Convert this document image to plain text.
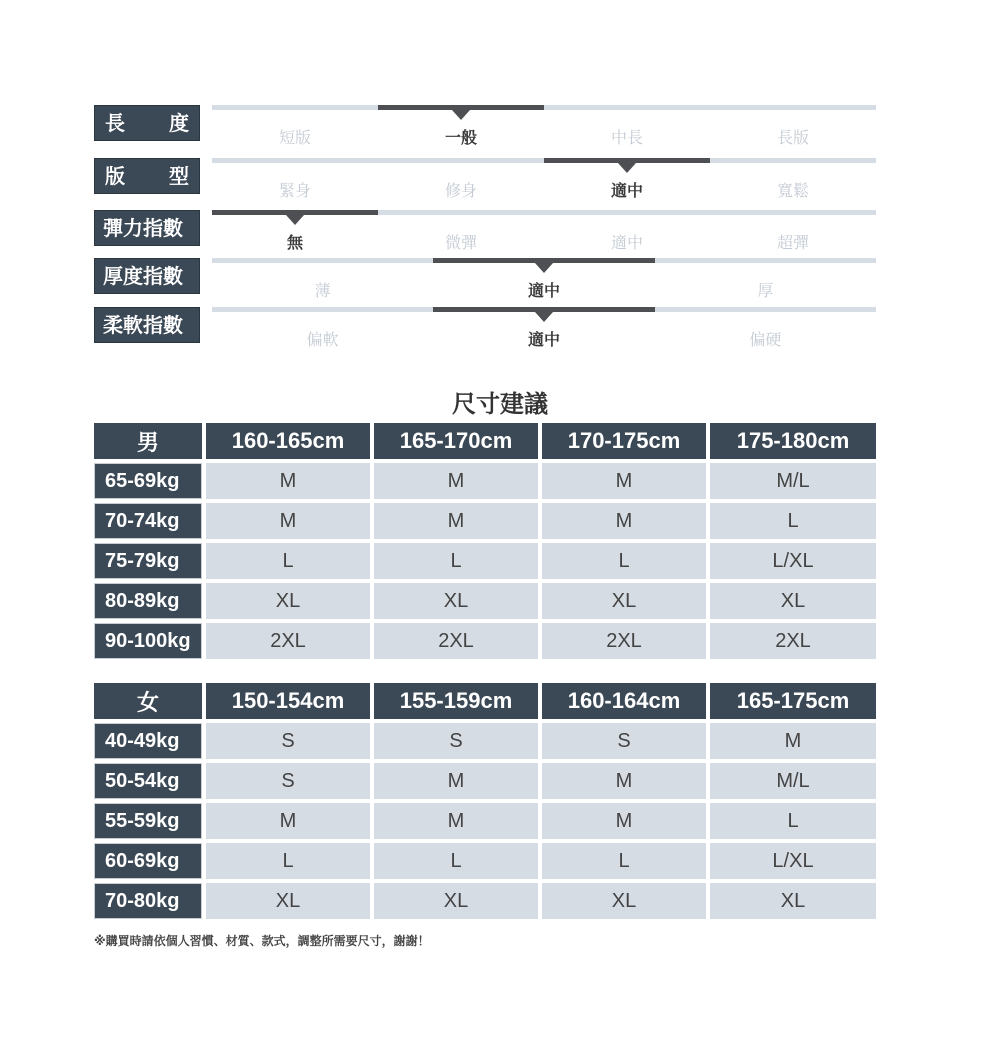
長 度
短版	一般	中長	長版
版 型
緊身	修身	適中	寬鬆
彈力指數
無	微彈	適中	超彈
厚度指數
薄	適中	厚
柔軟指數
偏軟	適中	偏硬
尺寸建議
男	160-165cm	165-170cm	170-175cm	175-180cm
65-69kg	M	M	M	M/L
70-74kg	M	M	M	L
75-79kg	L	L	L	L/XL
80-89kg	XL	XL	XL	XL
90-100kg	2XL	2XL	2XL	2XL
女	150-154cm	155-159cm	160-164cm	165-175cm
40-49kg	S	S	S	M
50-54kg	S	M	M	M/L
55-59kg	M	M	M	L
60-69kg	L	L	L	L/XL
70-80kg	XL	XL	XL	XL
※購買時請依個人習慣、材質、款式，調整所需要尺寸，謝謝！
